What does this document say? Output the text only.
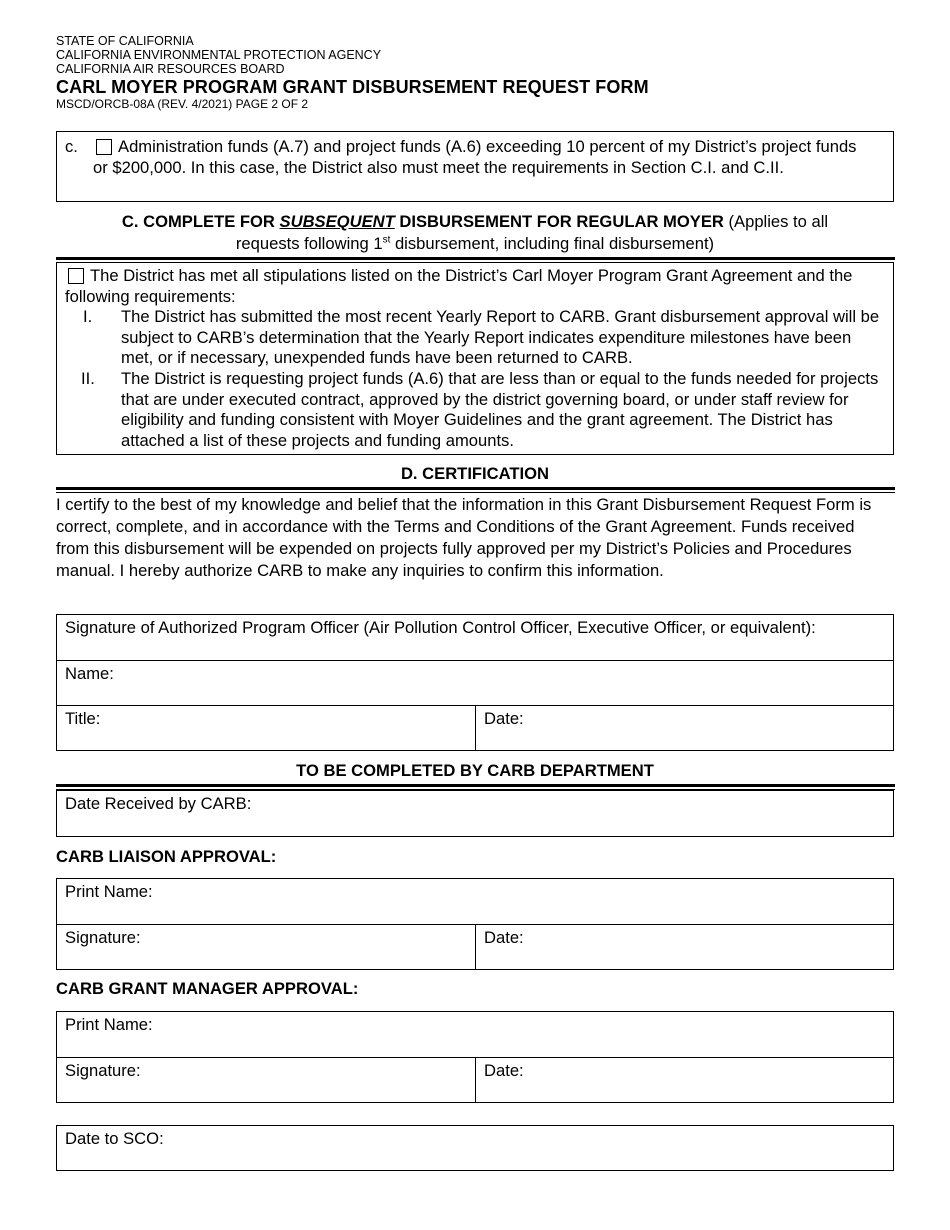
STATE OF CALIFORNIA
CALIFORNIA ENVIRONMENTAL PROTECTION AGENCY
CALIFORNIA AIR RESOURCES BOARD
CARL MOYER PROGRAM GRANT DISBURSEMENT REQUEST FORM
MSCD/ORCB-08A (REV. 4/2021) PAGE 2 OF 2
c.	Administration funds (A.7) and project funds (A.6) exceeding 10 percent of my District’s project funds or $200,000. In this case, the District also must meet the requirements in Section C.I. and C.II.
C. COMPLETE FOR SUBSEQUENT DISBURSEMENT FOR REGULAR MOYER (Applies to all
requests following 1st disbursement, including final disbursement)
The District has met all stipulations listed on the District’s Carl Moyer Program Grant Agreement and the following requirements:
I. The District has submitted the most recent Yearly Report to CARB. Grant disbursement approval will be subject to CARB’s determination that the Yearly Report indicates expenditure milestones have been met, or if necessary, unexpended funds have been returned to CARB.
II. The District is requesting project funds (A.6) that are less than or equal to the funds needed for projects that are under executed contract, approved by the district governing board, or under staff review for eligibility and funding consistent with Moyer Guidelines and the grant agreement. The District has attached a list of these projects and funding amounts.
D. CERTIFICATION
I certify to the best of my knowledge and belief that the information in this Grant Disbursement Request Form is correct, complete, and in accordance with the Terms and Conditions of the Grant Agreement. Funds received from this disbursement will be expended on projects fully approved per my District’s Policies and Procedures manual. I hereby authorize CARB to make any inquiries to confirm this information.
Signature of Authorized Program Officer (Air Pollution Control Officer, Executive Officer, or equivalent):
Name:
Title:	Date:
TO BE COMPLETED BY CARB DEPARTMENT
Date Received by CARB:
CARB LIAISON APPROVAL:
Print Name:
Signature:	Date:
CARB GRANT MANAGER APPROVAL:
Print Name:
Signature:	Date:
Date to SCO:
